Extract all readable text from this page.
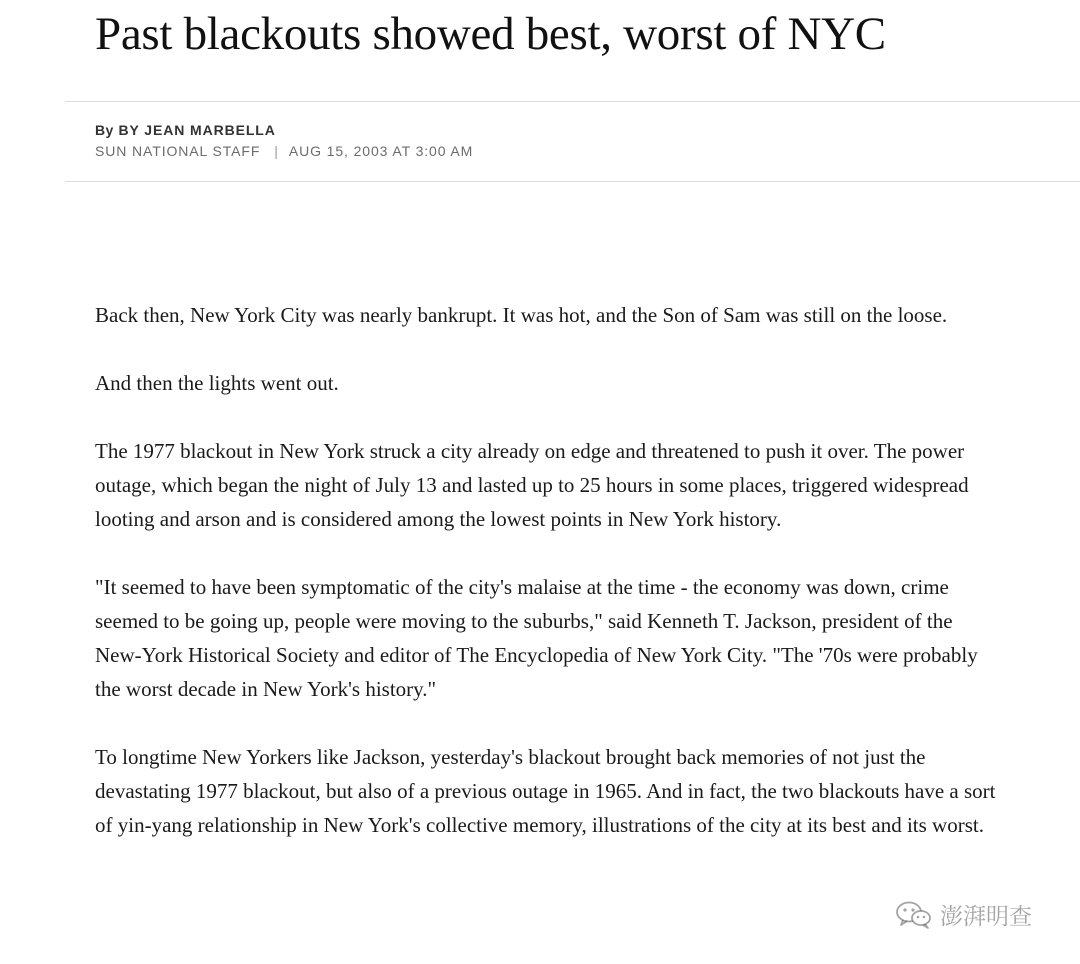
Past blackouts showed best, worst of NYC
By BY JEAN MARBELLA
SUN NATIONAL STAFF | AUG 15, 2003 AT 3:00 AM

Back then, New York City was nearly bankrupt. It was hot, and the Son of Sam was still on the loose.

And then the lights went out.

The 1977 blackout in New York struck a city already on edge and threatened to push it over. The power outage, which began the night of July 13 and lasted up to 25 hours in some places, triggered widespread looting and arson and is considered among the lowest points in New York history.

"It seemed to have been symptomatic of the city's malaise at the time - the economy was down, crime seemed to be going up, people were moving to the suburbs," said Kenneth T. Jackson, president of the New-York Historical Society and editor of The Encyclopedia of New York City. "The '70s were probably the worst decade in New York's history."

To longtime New Yorkers like Jackson, yesterday's blackout brought back memories of not just the devastating 1977 blackout, but also of a previous outage in 1965. And in fact, the two blackouts have a sort of yin-yang relationship in New York's collective memory, illustrations of the city at its best and its worst.

澎湃明查
